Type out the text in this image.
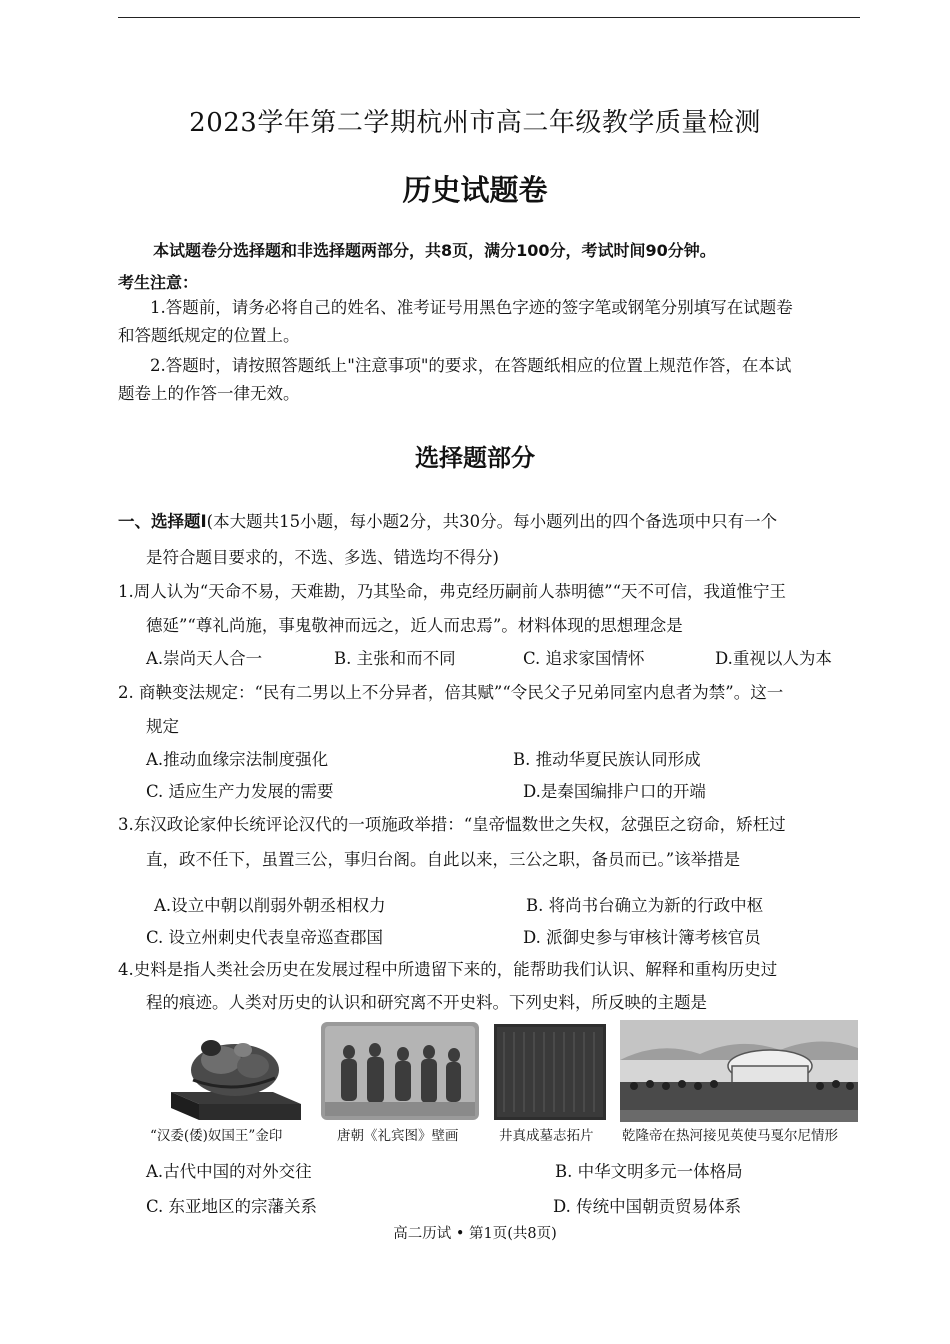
2023学年第二学期杭州市高二年级教学质量检测
历史试题卷
本试题卷分选择题和非选择题两部分，共8页，满分100分，考试时间90分钟。
考生注意：
1.答题前，请务必将自己的姓名、准考证号用黑色字迹的签字笔或钢笔分别填写在试题卷
和答题纸规定的位置上。
2.答题时，请按照答题纸上"注意事项"的要求，在答题纸相应的位置上规范作答，在本试
题卷上的作答一律无效。
选择题部分
一、选择题Ⅰ(本大题共15小题，每小题2分，共30分。每小题列出的四个备选项中只有一个
是符合题目要求的，不选、多选、错选均不得分)
1.周人认为“天命不易，天难勘，乃其坠命，弗克经历嗣前人恭明德”“天不可信，我道惟宁王
德延”“尊礼尚施，事鬼敬神而远之，近人而忠焉”。材料体现的思想理念是
A.崇尚天人合一	B. 主张和而不同	C. 追求家国情怀	D.重视以人为本
2. 商鞅变法规定：“民有二男以上不分异者，倍其赋”“令民父子兄弟同室内息者为禁”。这一
规定
A.推动血缘宗法制度强化	B. 推动华夏民族认同形成
C. 适应生产力发展的需要	D.是秦国编排户口的开端
3.东汉政论家仲长统评论汉代的一项施政举措：“皇帝愠数世之失权，忿强臣之窃命，矫枉过
直，政不任下，虽置三公，事归台阁。自此以来，三公之职，备员而已。”该举措是
A.设立中朝以削弱外朝丞相权力	B. 将尚书台确立为新的行政中枢
C. 设立州刺史代表皇帝巡查郡国	D. 派御史参与审核计簿考核官员
4.史料是指人类社会历史在发展过程中所遗留下来的，能帮助我们认识、解释和重构历史过
程的痕迹。人类对历史的认识和研究离不开史料。下列史料，所反映的主题是
“汉委(倭)奴国王”金印	唐朝《礼宾图》壁画	井真成墓志拓片 乾隆帝在热河接见英使马戛尔尼情形
A.古代中国的对外交往	B. 中华文明多元一体格局
C. 东亚地区的宗藩关系	D. 传统中国朝贡贸易体系
高二历试 • 第1页(共8页)
